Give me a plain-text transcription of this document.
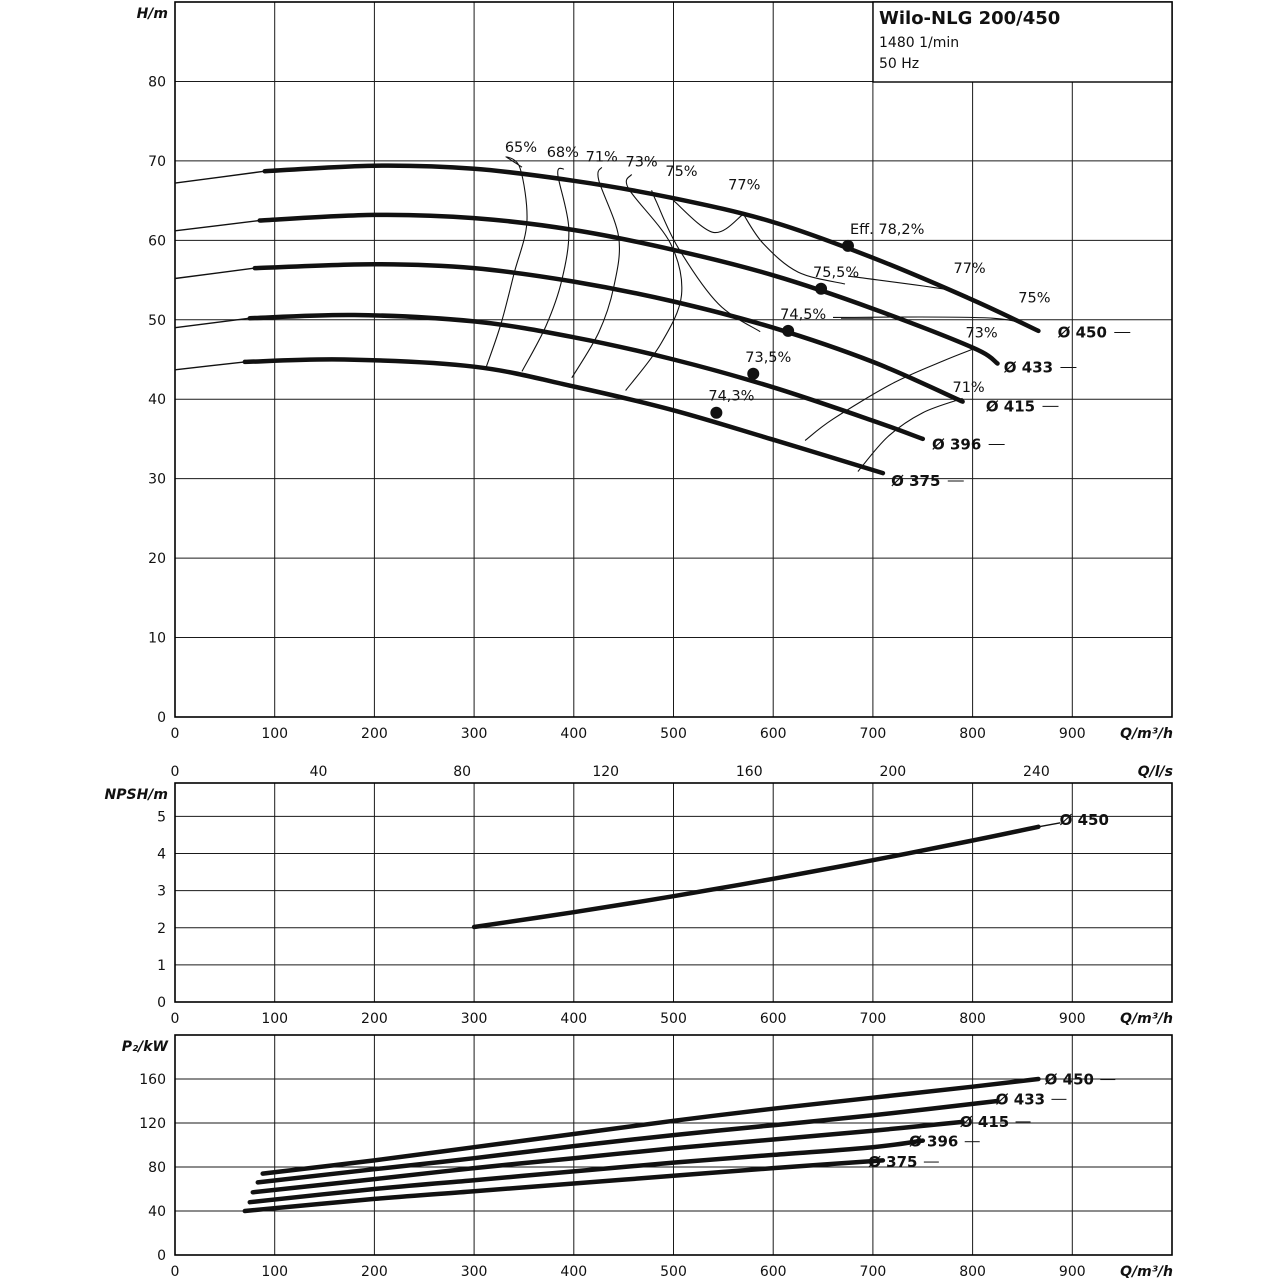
0
10
20
30
40
50
60
70
80
0	100	200	300	400	500	600	700	800	900
H/m
Q/m³/h
Wilo-NLG 200/450
1480 1/min
50 Hz
65% 68% 71% 73%
75%
77%
77%
75%
73%
71%
Eff. 78,2%
75,5%
74,5%
73,5%
74,3%
Ø 450
Ø 433
Ø 415
Ø 396
Ø 375
0	40	80	120	160	200	240	Q/l/s
0
1
2
3
4
5
0	100	200	300	400	500	600	700	800	900
NPSH/m
Q/m³/h
Ø 450
0
40
80
120
160
0	100	200	300	400	500	600	700	800	900
P₂/kW
Q/m³/h
Ø 450
Ø 433
Ø 415
Ø 396
Ø 375
